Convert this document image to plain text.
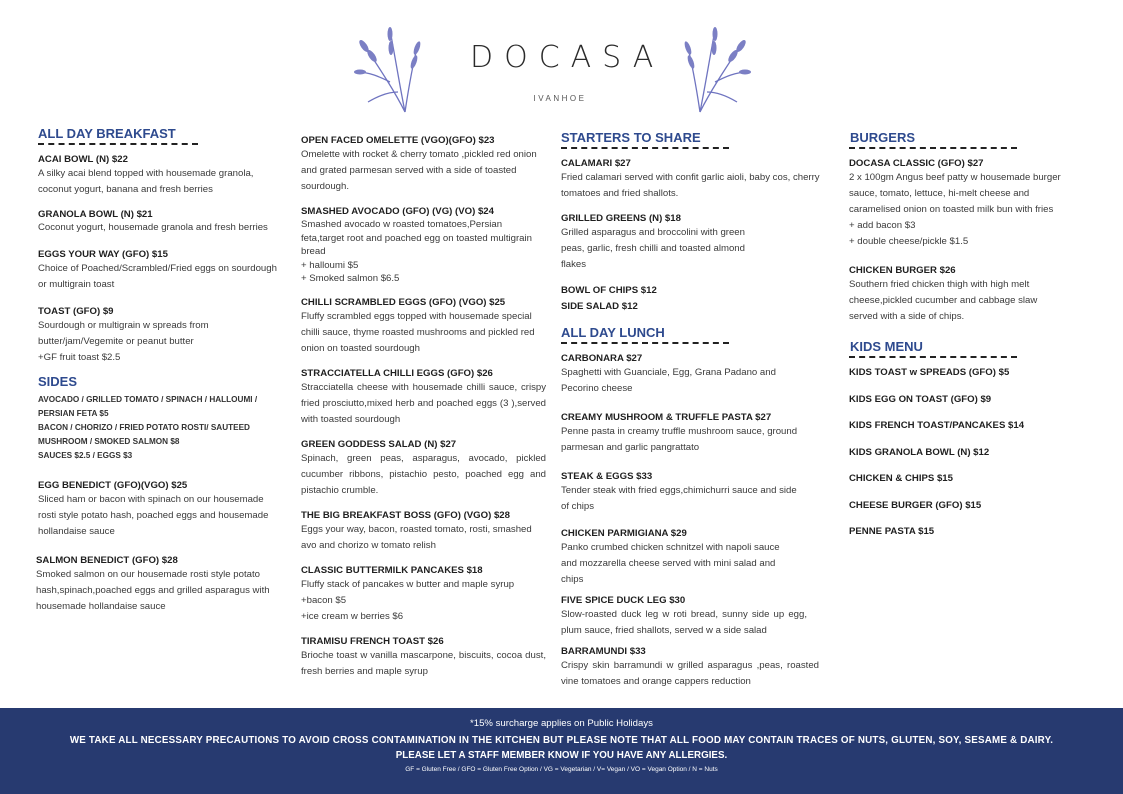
DOCASA
IVANHOE
ALL DAY BREAKFAST
ACAI BOWL (N) $22
A silky acai blend topped with housemade granola, coconut yogurt, banana and fresh berries
GRANOLA BOWL (N) $21
Coconut yogurt, housemade granola and fresh berries
EGGS YOUR WAY (GFO) $15
Choice of Poached/Scrambled/Fried eggs on sourdough or multigrain toast
TOAST (GFO) $9
Sourdough or multigrain w spreads from butter/jam/Vegemite or peanut butter
+GF fruit toast $2.5
SIDES
AVOCADO / GRILLED TOMATO / SPINACH / HALLOUMI / PERSIAN FETA $5
BACON / CHORIZO / FRIED POTATO ROSTI/ SAUTEED MUSHROOM / SMOKED SALMON $8
SAUCES $2.5 / EGGS $3
EGG BENEDICT (GFO)(VGO) $25
Sliced ham or bacon with spinach on our housemade rosti style potato hash, poached eggs and housemade hollandaise sauce
SALMON BENEDICT (GFO) $28
Smoked salmon on our housemade rosti style potato hash,spinach,poached eggs and grilled asparagus with housemade hollandaise sauce
OPEN FACED OMELETTE (VGO)(GFO) $23
Omelette with rocket & cherry tomato ,pickled red onion and grated parmesan served with a side of toasted sourdough.
SMASHED AVOCADO (GFO) (VG) (VO) $24
Smashed avocado w roasted tomatoes,Persian feta,target root and poached egg on toasted multigrain bread
+ halloumi $5
+ Smoked salmon $6.5
CHILLI SCRAMBLED EGGS (GFO) (VGO) $25
Fluffy scrambled eggs topped with housemade special chilli sauce, thyme roasted mushrooms and pickled red onion on toasted sourdough
STRACCIATELLA CHILLI EGGS (GFO) $26
Stracciatella cheese with housemade chilli sauce, crispy fried prosciutto,mixed herb and poached eggs (3 ),served with toasted sourdough
GREEN GODDESS SALAD (N) $27
Spinach, green peas, asparagus, avocado, pickled cucumber ribbons, pistachio pesto, poached egg and pistachio crumble.
THE BIG BREAKFAST BOSS (GFO) (VGO) $28
Eggs your way, bacon, roasted tomato, rosti, smashed avo and chorizo w tomato relish
CLASSIC BUTTERMILK PANCAKES $18
Fluffy stack of pancakes w butter and maple syrup
+bacon $5
+ice cream w berries $6
TIRAMISU FRENCH TOAST $26
Brioche toast w vanilla mascarpone, biscuits, cocoa dust, fresh berries and maple syrup
STARTERS TO SHARE
CALAMARI $27
Fried calamari served with confit garlic aioli, baby cos, cherry tomatoes and fried shallots.
GRILLED GREENS (N) $18
Grilled asparagus and broccolini with green peas, garlic, fresh chilli and toasted almond flakes
BOWL OF CHIPS $12
SIDE SALAD $12
ALL DAY LUNCH
CARBONARA $27
Spaghetti with Guanciale, Egg, Grana Padano and Pecorino cheese
CREAMY MUSHROOM & TRUFFLE PASTA $27
Penne pasta in creamy truffle mushroom sauce, ground parmesan and garlic pangrattato
STEAK & EGGS $33
Tender steak with fried eggs,chimichurri sauce and side of chips
CHICKEN PARMIGIANA $29
Panko crumbed chicken schnitzel with napoli sauce and mozzarella cheese served with mini salad and chips
FIVE SPICE DUCK LEG $30
Slow-roasted duck leg w roti bread, sunny side up egg, plum sauce, fried shallots, served w a side salad
BARRAMUNDI $33
Crispy skin barramundi w grilled asparagus ,peas, roasted vine tomatoes and orange cappers reduction
BURGERS
DOCASA CLASSIC (GFO) $27
2 x 100gm Angus beef patty w housemade burger sauce, tomato, lettuce, hi-melt cheese and caramelised onion on toasted milk bun with fries
+ add bacon $3
+ double cheese/pickle $1.5
CHICKEN BURGER $26
Southern fried chicken thigh with high melt cheese,pickled cucumber and cabbage slaw served with a side of chips.
KIDS MENU
KIDS TOAST w SPREADS (GFO) $5
KIDS EGG ON TOAST (GFO) $9
KIDS FRENCH TOAST/PANCAKES $14
KIDS GRANOLA BOWL (N) $12
CHICKEN & CHIPS $15
CHEESE BURGER (GFO) $15
PENNE PASTA $15
*15% surcharge applies on Public Holidays
WE TAKE ALL NECESSARY PRECAUTIONS TO AVOID CROSS CONTAMINATION IN THE KITCHEN BUT PLEASE NOTE THAT ALL FOOD MAY CONTAIN TRACES OF NUTS, GLUTEN, SOY, SESAME & DAIRY.
PLEASE LET A STAFF MEMBER KNOW IF YOU HAVE ANY ALLERGIES.
GF = Gluten Free / GFO = Gluten Free Option / VG = Vegetarian / V= Vegan / VO = Vegan Option / N = Nuts
